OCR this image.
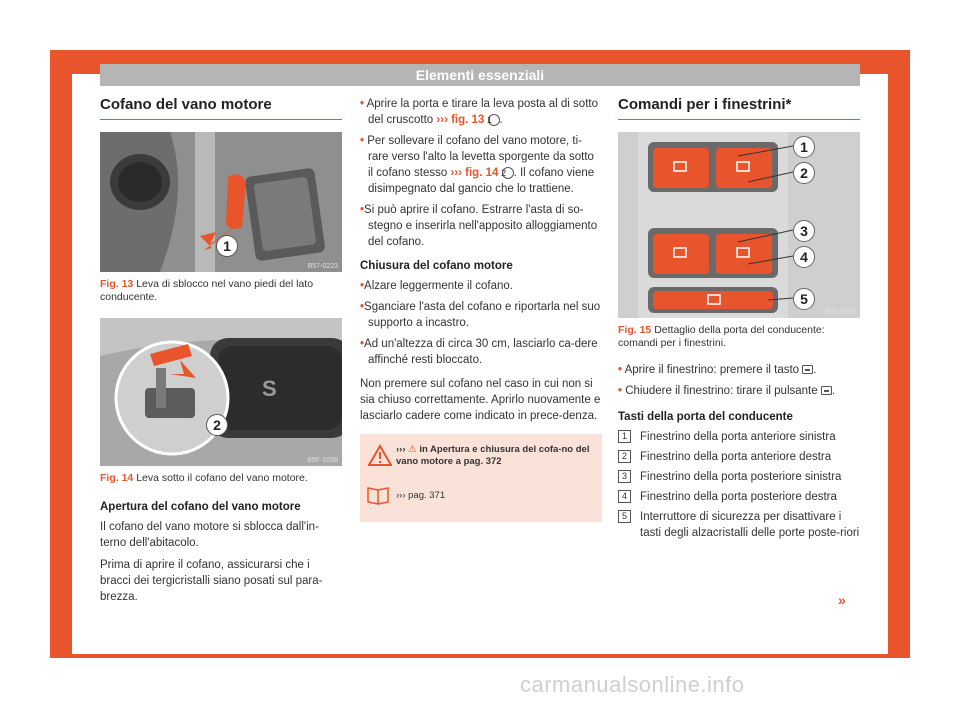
Elementi essenziali
Cofano del vano motore
1
B57-0223
Fig. 13 Leva di sblocco nel vano piedi del lato conducente.
S
2
B5F-1058
Fig. 14 Leva sotto il cofano del vano motore.
Apertura del cofano del vano motore

Il cofano del vano motore si sblocca dall'in-terno dell'abitacolo.

Prima di aprire il cofano, assicurarsi che i bracci dei tergicristalli siano posati sul para-brezza.

• Aprire la porta e tirare la leva posta al di sotto del cruscotto ››› fig. 13 1 .
• Per sollevare il cofano del vano motore, ti-rare verso l'alto la levetta sporgente da sotto il cofano stesso ››› fig. 14 2 . Il cofano viene disimpegnato dal gancio che lo trattiene.
• Si può aprire il cofano. Estrarre l'asta di so-stegno e inserirla nell'apposito alloggiamento del cofano.
Chiusura del cofano motore
• Alzare leggermente il cofano.
• Sganciare l'asta del cofano e riportarla nel suo supporto a incastro.
• Ad un'altezza di circa 30 cm, lasciarlo ca-dere affinché resti bloccato.

Non premere sul cofano nel caso in cui non si sia chiuso correttamente. Aprirlo nuovamente e lasciarlo cadere come indicato in prece-denza.

››› ⚠ in Apertura e chiusura del cofa-no del vano motore a pag. 372
››› pag. 371
Comandi per i finestrini*
1
2
3
4
5
B6F-0088
Fig. 15 Dettaglio della porta del conducente: comandi per i finestrini.
• Aprire il finestrino: premere il tasto .
• Chiudere il finestrino: tirare il pulsante .
Tasti della porta del conducente
1	Finestrino della porta anteriore sinistra
2	Finestrino della porta anteriore destra
3	Finestrino della porta posteriore sinistra
4	Finestrino della porta posteriore destra
5	Interruttore di sicurezza per disattivare i tasti degli alzacristalli delle porte poste-riori
»
19
carmanualsonline.info
